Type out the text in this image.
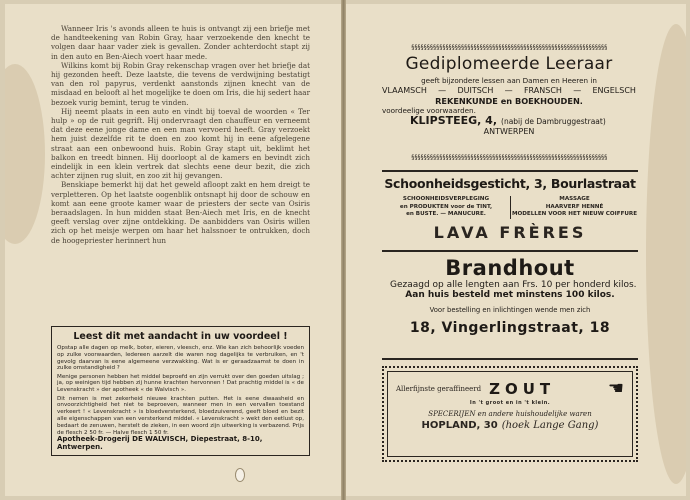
Wanneer Iris 's avonds alleen te huis is ontvangt zij een briefje met de handteekening van Robin Gray, haar verzoekende den knecht te volgen daar haar vader ziek is gevallen. Zonder achterdocht stapt zij in den auto en Ben-Aiech voert haar mede.

Wilkins komt bij Robin Gray rekenschap vragen over het briefje dat hij gezonden heeft. Deze laatste, die tevens de verdwijning bestatigt van den rol papyrus, verdenkt aanstonds zijnen knecht van de misdaad en belooft al het mogelijke te doen om Iris, die hij sedert haar bezoek vurig bemint, terug te vinden.

Hij neemt plaats in een auto en vindt bij toeval de woorden « Ter hulp » op de ruit gegrift. Hij ondervraagt den chauffeur en verneemt dat deze eene jonge dame en een man vervoerd heeft. Gray verzoekt hem juist dezelfde rit te doen en zoo komt hij in eene afgelegene straat aan een onbewoond huis. Robin Gray stapt uit, beklimt het balkon en treedt binnen. Hij doorloopt al de kamers en bevindt zich eindelijk in een klein vertrek dat slechts eene deur bezit, die zich achter zijnen rug sluit, en zoo zit hij gevangen.

Benskiape bemerkt hij dat het geweld afloopt zakt en hem dreigt te verpletteren. Op het laatste oogenblik ontsnapt hij door de schouw en komt aan eene groote kamer waar de priesters der secte van Osiris beraadslagen. In hun midden staat Ben-Aiech met Iris, en de knecht geeft verslag over zijne ontdekking. De aanbidders van Osiris willen zich op het meisje werpen om haar het halssnoer te ontrukken, doch de hoogepriester herinnert hun

Leest dit met aandacht in uw voordeel !

Opstap alle dagen op melk, boter, eieren, vleesch, enz. Wie kan zich behoorlijk voeden op zulke voorwaarden, ledereen aarzelt die waren nog dagelijks te verbruiken, en 't gevolg daarvan is eene algemeene verzwakking. Wat is er geraadzaamst te doen in zulke omstandigheid ?

Menige personen hebben het middel beproefd en zijn verrukt over den goeden uitslag ; ja, op weinigen tijd hebben zij hunne krachten hervonnen ! Dat prachtig middel is « de Levenskracht » der apotheek « de Walvisch ».

Dit nemen is met zekerheid nieuwe krachten putten. Het is eene dwaasheid en onvoorzichtigheid het niet te beproeven, wanneer men in een vervallen toestand verkeert ! « Levenskracht » is bloedversterkend, bloedzuiverend, geeft bloed en bezit alle eigenschappen van een versterkend middel. « Levenskracht » wekt den eetlust op, bedaart de zenuwen, herstelt de zieken, in een woord zijn uitwerking is verbazend. Prijs de flesch 2 50 fr. — Halve flesch 1 50 fr.

Apotheek-Drogerij DE WALVISCH, Diepestraat, 8-10, Antwerpen.
§§§§§§§§§§§§§§§§§§§§§§§§§§§§§§§§§§§§§§§§§§§§§§§§§§§§§§§§§§§§§§§
Gediplomeerde Leeraar
geeft bijzondere lessen aan Damen en Heeren in
VLAAMSCH — DUITSCH — FRANSCH — ENGELSCH
REKENKUNDE en BOEKHOUDEN.
voordeelige voorwaarden.
KLIPSTEEG, 4, (nabij de Dambruggestraat)
ANTWERPEN
§§§§§§§§§§§§§§§§§§§§§§§§§§§§§§§§§§§§§§§§§§§§§§§§§§§§§§§§§§§§§§§
Schoonheidsgesticht, 3, Bourlastraat
SCHOONHEIDSVERPLEGING
en PRODUKTEN voor de TINT,
en BUSTE. — MANUCURE.
MASSAGE
HAARVERF HENNÉ
MODELLEN VOOR HET NIEUW COIFFURE
LAVA FRÈRES
Brandhout
Gezaagd op alle lengten aan Frs. 10 per honderd kilos.
Aan huis besteld met minstens 100 kilos.
Voor bestelling en inlichtingen wende men zich
18, Vingerlingstraat, 18
Allerfijnste geraffineerd ZOUT	☚
In 't groot en in 't klein.
SPECERIJEN en andere huishoudelijke waren
HOPLAND, 30 (hoek Lange Gang)
